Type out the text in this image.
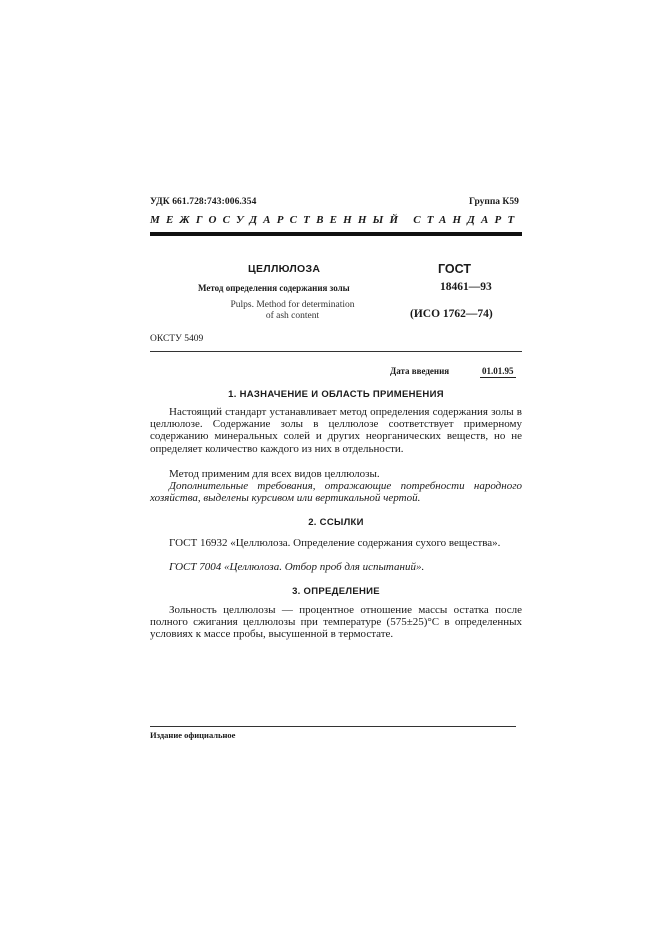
УДК 661.728:743:006.354	Группа К59
МЕЖГОСУДАРСТВЕННЫЙ СТАНДАРТ
ЦЕЛЛЮЛОЗА
Метод определения содержания золы
Pulps. Method for determination
of ash content
ГОСТ
18461—93
(ИСО 1762—74)
ОКСТУ 5409
Дата введения	01.01.95
1. НАЗНАЧЕНИЕ И ОБЛАСТЬ ПРИМЕНЕНИЯ
Настоящий стандарт устанавливает метод определения содержания золы в целлюлозе. Содержание золы в целлюлозе соответствует примерному содержанию минеральных солей и других неорганических веществ, но не определяет количество каждого из них в отдельности.
Метод применим для всех видов целлюлозы.
Дополнительные требования, отражающие потребности народного хозяйства, выделены курсивом или вертикальной чертой.
2. ССЫЛКИ
ГОСТ 16932 «Целлюлоза. Определение содержания сухого вещества».
ГОСТ 7004 «Целлюлоза. Отбор проб для испытаний».
3. ОПРЕДЕЛЕНИЕ
Зольность целлюлозы — процентное отношение массы остатка после полного сжигания целлюлозы при температуре (575±25)°С в определенных условиях к массе пробы, высушенной в термостате.
Издание официальное
